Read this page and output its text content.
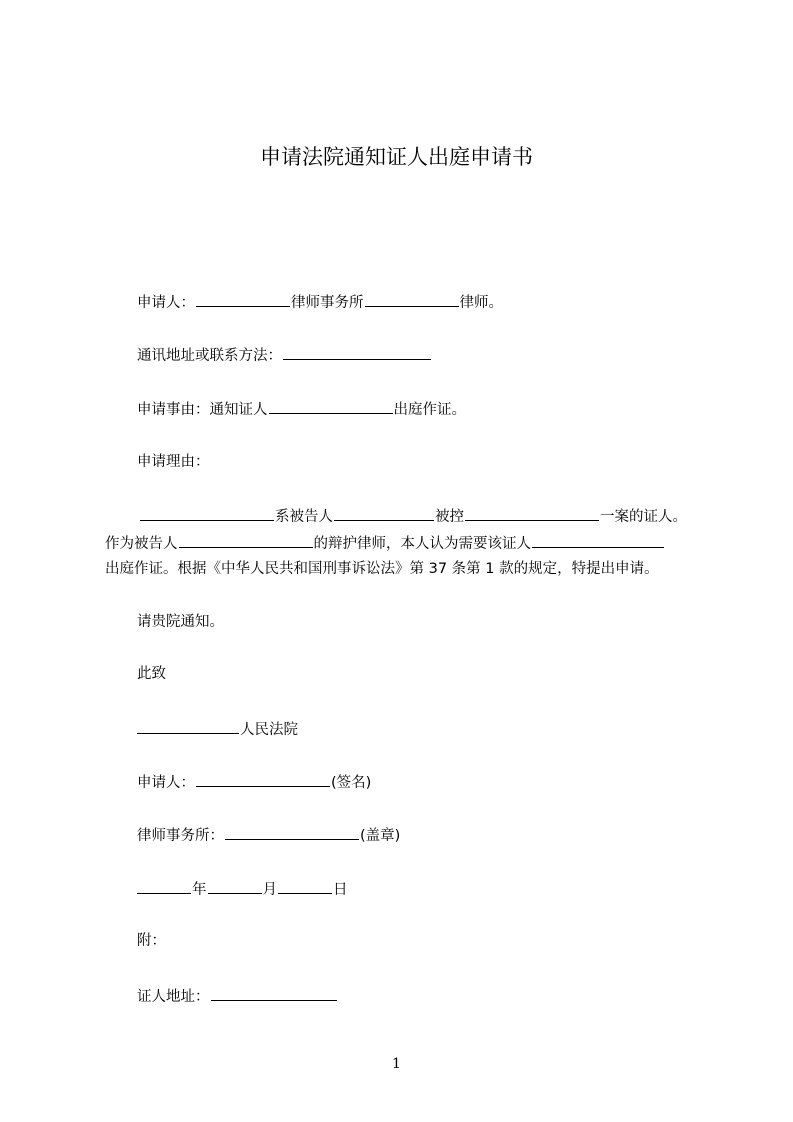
申请法院通知证人出庭申请书
申请人：	律师事务所	律师。
通讯地址或联系方法：
申请事由：通知证人	出庭作证。
申请理由：
系被告人	被控	一案的证人。
作为被告人	的辩护律师，本人认为需要该证人
出庭作证。根据《中华人民共和国刑事诉讼法》第 37 条第 1 款的规定，特提出申请。
请贵院通知。
此致
人民法院
申请人：	(签名)
律师事务所：	(盖章)
年	月	日
附：
证人地址：
1
